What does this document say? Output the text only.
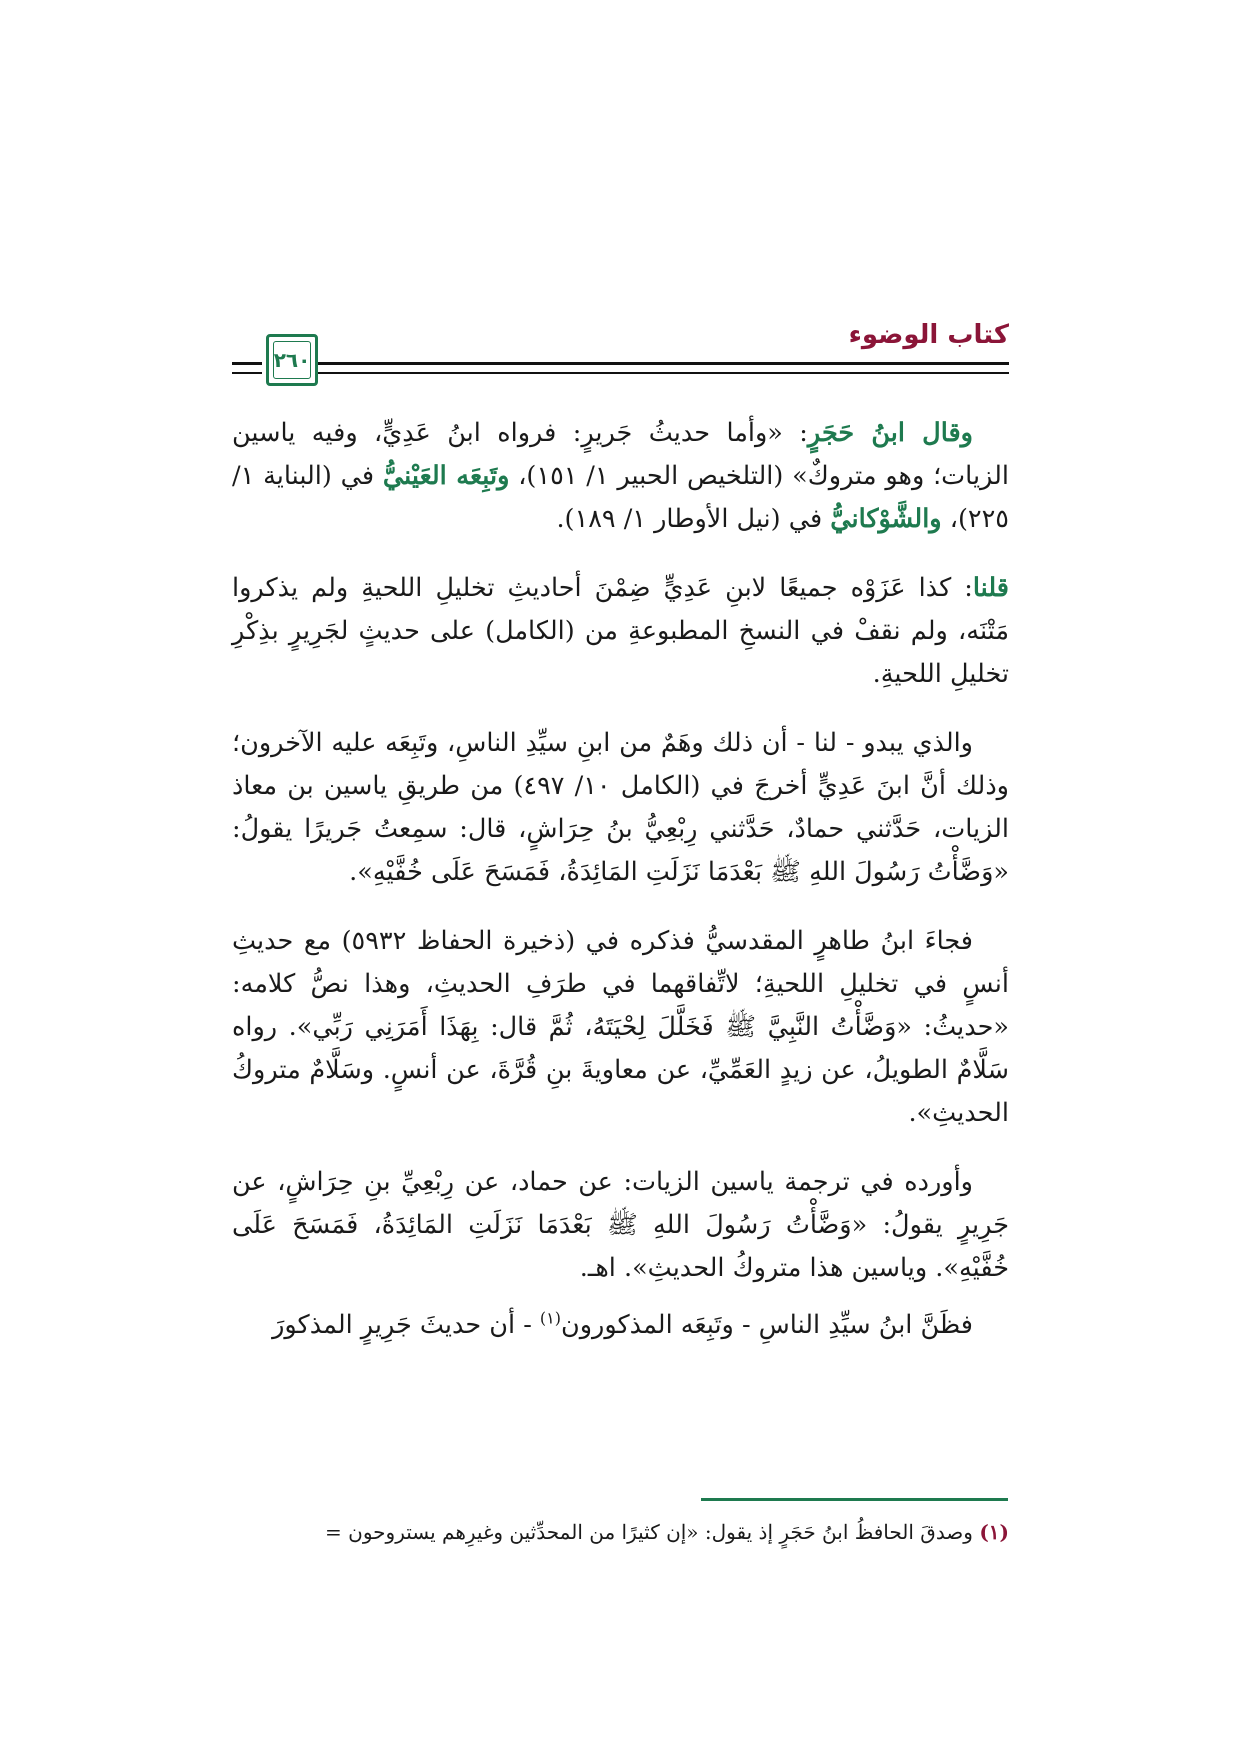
كتاب الوضوء
٢٦٠

وقال ابنُ حَجَرٍ: «وأما حديثُ جَريرٍ: فرواه ابنُ عَدِيٍّ، وفيه ياسين الزيات؛ وهو متروكٌ» (التلخيص الحبير ١/ ١٥١)، وتَبِعَه العَيْنيُّ في (البناية ١/ ٢٢٥)، والشَّوْكانيُّ في (نيل الأوطار ١/ ١٨٩).

قلنا: كذا عَزَوْه جميعًا لابنِ عَدِيٍّ ضِمْنَ أحاديثِ تخليلِ اللحيةِ ولم يذكروا مَتْنَه، ولم نقفْ في النسخِ المطبوعةِ من (الكامل) على حديثٍ لجَرِيرٍ بذِكْرِ تخليلِ اللحيةِ.

والذي يبدو - لنا - أن ذلك وهَمٌ من ابنِ سيِّدِ الناسِ، وتَبِعَه عليه الآخرون؛ وذلك أنَّ ابنَ عَدِيٍّ أخرجَ في (الكامل ١٠/ ٤٩٧) من طريقِ ياسين بن معاذ الزيات، حَدَّثني حمادٌ، حَدَّثني رِبْعِيُّ بنُ حِرَاشٍ، قال: سمِعتُ جَريرًا يقولُ: «وَضَّأْتُ رَسُولَ اللهِ ﷺ بَعْدَمَا نَزَلَتِ المَائِدَةُ، فَمَسَحَ عَلَى خُفَّيْهِ».

فجاءَ ابنُ طاهرٍ المقدسيُّ فذكره في (ذخيرة الحفاظ ٥٩٣٢) مع حديثِ أنسٍ في تخليلِ اللحيةِ؛ لاتِّفاقهما في طرَفِ الحديثِ، وهذا نصُّ كلامه: «حديثُ: «وَضَّأْتُ النَّبِيَّ ﷺ فَخَلَّلَ لِحْيَتَهُ، ثُمَّ قال: بِهَذَا أَمَرَنِي رَبِّي». رواه سَلَّامٌ الطويلُ، عن زيدٍ العَمِّيِّ، عن معاويةَ بنِ قُرَّةَ، عن أنسٍ. وسَلَّامٌ متروكُ الحديثِ».

وأورده في ترجمة ياسين الزيات: عن حماد، عن رِبْعِيِّ بنِ حِرَاشٍ، عن جَرِيرٍ يقولُ: «وَضَّأْتُ رَسُولَ اللهِ ﷺ بَعْدَمَا نَزَلَتِ المَائِدَةُ، فَمَسَحَ عَلَى خُفَّيْهِ». وياسين هذا متروكُ الحديثِ». اهـ.

فظَنَّ ابنُ سيِّدِ الناسِ - وتَبِعَه المذكورون$^{(١)}$ - أن حديثَ جَرِيرٍ المذكورَ

(١) وصدقَ الحافظُ ابنُ حَجَرٍ إذ يقول: «إن كثيرًا من المحدِّثين وغيرِهم يستروحون =
